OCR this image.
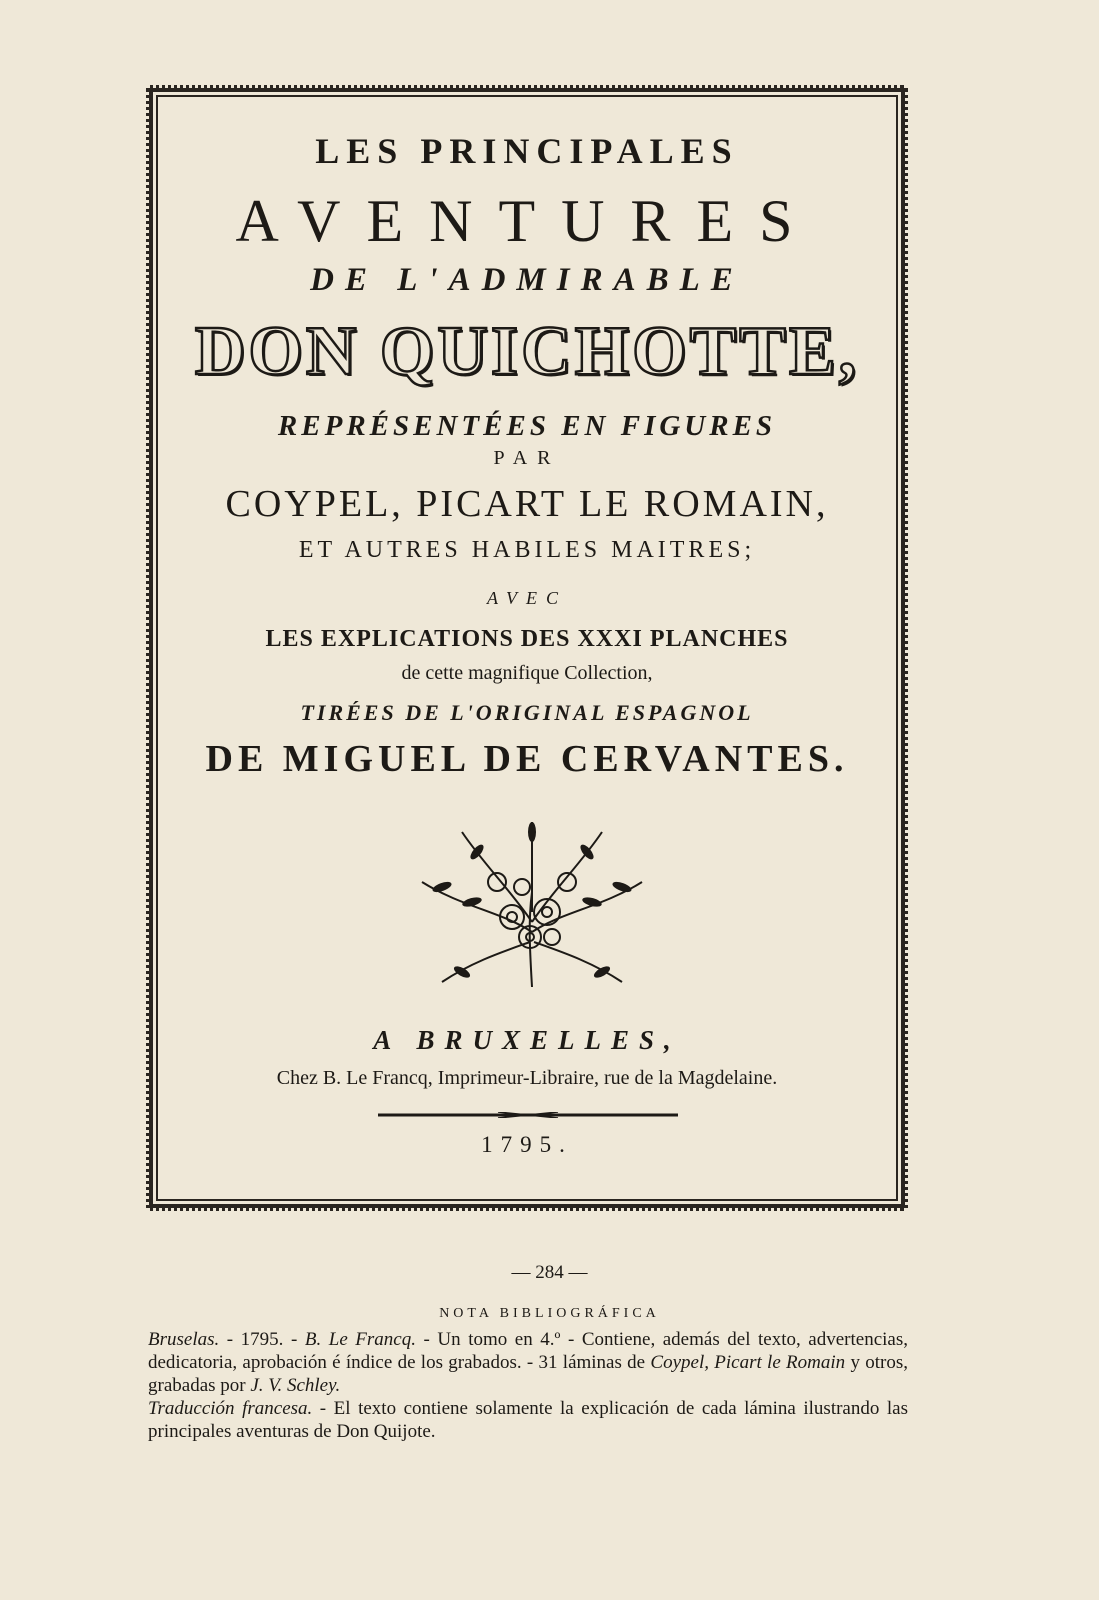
LES PRINCIPALES
AVENTURES
DE L'ADMIRABLE
DON QUICHOTTE,
REPRÉSENTÉES EN FIGURES
PAR
COYPEL, PICART LE ROMAIN,
ET AUTRES HABILES MAITRES;
AVEC
LES EXPLICATIONS DES XXXI PLANCHES
de cette magnifique Collection,
TIRÉES DE L'ORIGINAL ESPAGNOL
DE MIGUEL DE CERVANTES.
A BRUXELLES,
Chez B. Le Francq, Imprimeur-Libraire, rue de la Magdelaine.
1795.
— 284 —
NOTA BIBLIOGRÁFICA

Bruselas. - 1795. - B. Le Francq. - Un tomo en 4.º - Contiene, además del texto, advertencias, dedicatoria, aprobación é índice de los grabados. - 31 láminas de Coypel, Picart le Romain y otros, grabadas por J. V. Schley.

Traducción francesa. - El texto contiene solamente la explicación de cada lámina ilustrando las principales aventuras de Don Quijote.
